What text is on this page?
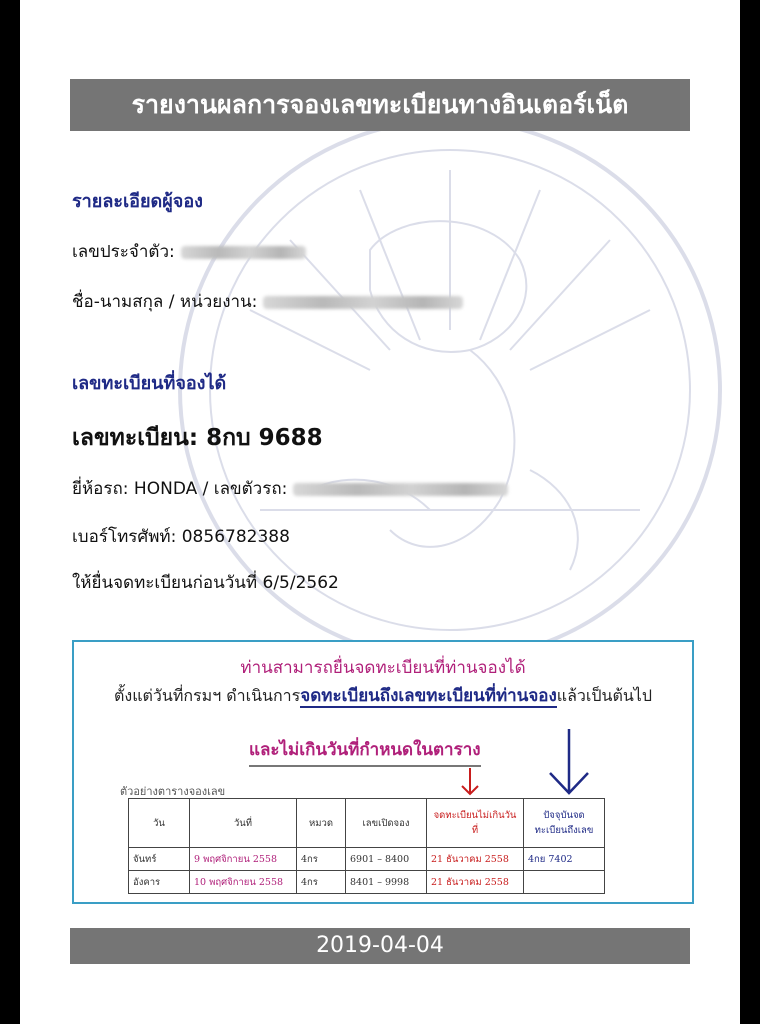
รายงานผลการจองเลขทะเบียนทางอินเตอร์เน็ต
รายละเอียดผู้จอง
เลขประจำตัว:
ชื่อ-นามสกุล / หน่วยงาน:
เลขทะเบียนที่จองได้
เลขทะเบียน: 8กบ 9688
ยี่ห้อรถ: HONDA / เลขตัวรถ:
เบอร์โทรศัพท์: 0856782388
ให้ยื่นจดทะเบียนก่อนวันที่ 6/5/2562
ท่านสามารถยื่นจดทะเบียนที่ท่านจองได้
ตั้งแต่วันที่กรมฯ ดำเนินการจดทะเบียนถึงเลขทะเบียนที่ท่านจองแล้วเป็นต้นไป
และไม่เกินวันที่กำหนดในตาราง
ตัวอย่างตารางจองเลข
วัน	วันที่	หมวด	เลขเปิดจอง	จดทะเบียนไม่เกินวันที่	ปัจจุบันจดทะเบียนถึงเลข
จันทร์	9 พฤศจิกายน 2558	4กร	6901 – 8400	21 ธันวาคม 2558	4กย 7402
อังคาร	10 พฤศจิกายน 2558	4กร	8401 – 9998	21 ธันวาคม 2558	
2019-04-04
